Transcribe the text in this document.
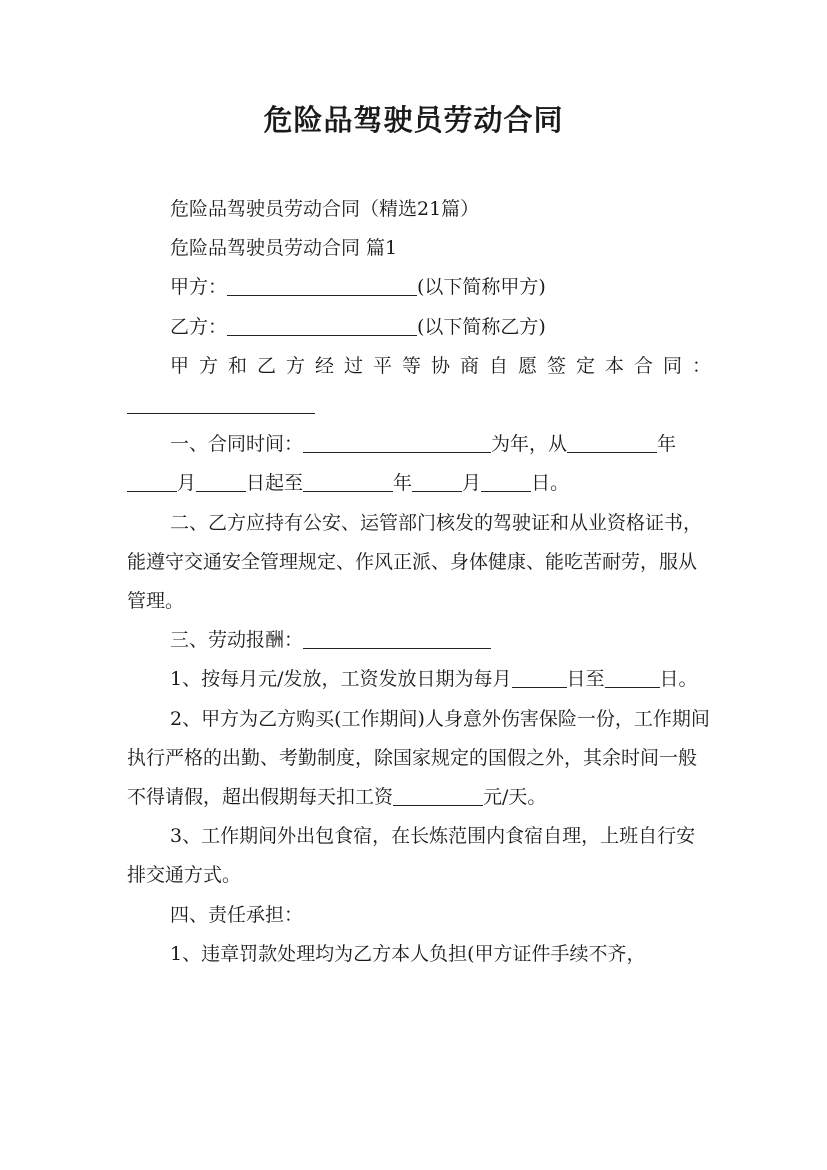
危险品驾驶员劳动合同

危险品驾驶员劳动合同（精选21篇）

危险品驾驶员劳动合同 篇1

甲方：	(以下简称甲方)

乙方：	(以下简称乙方)

甲方和乙方经过平等协商自愿签定本合同：

一、合同时间：	为年，从	年月	日起至	年	月	日。

二、乙方应持有公安、运管部门核发的驾驶证和从业资格证书，能遵守交通安全管理规定、作风正派、身体健康、能吃苦耐劳，服从管理。

三、劳动报酬：

1、按每月元/发放，工资发放日期为每月	日至	日。

2、甲方为乙方购买(工作期间)人身意外伤害保险一份，工作期间执行严格的出勤、考勤制度，除国家规定的国假之外，其余时间一般不得请假，超出假期每天扣工资	元/天。

3、工作期间外出包食宿，在长炼范围内食宿自理，上班自行安排交通方式。

四、责任承担：

1、违章罚款处理均为乙方本人负担(甲方证件手续不齐，
